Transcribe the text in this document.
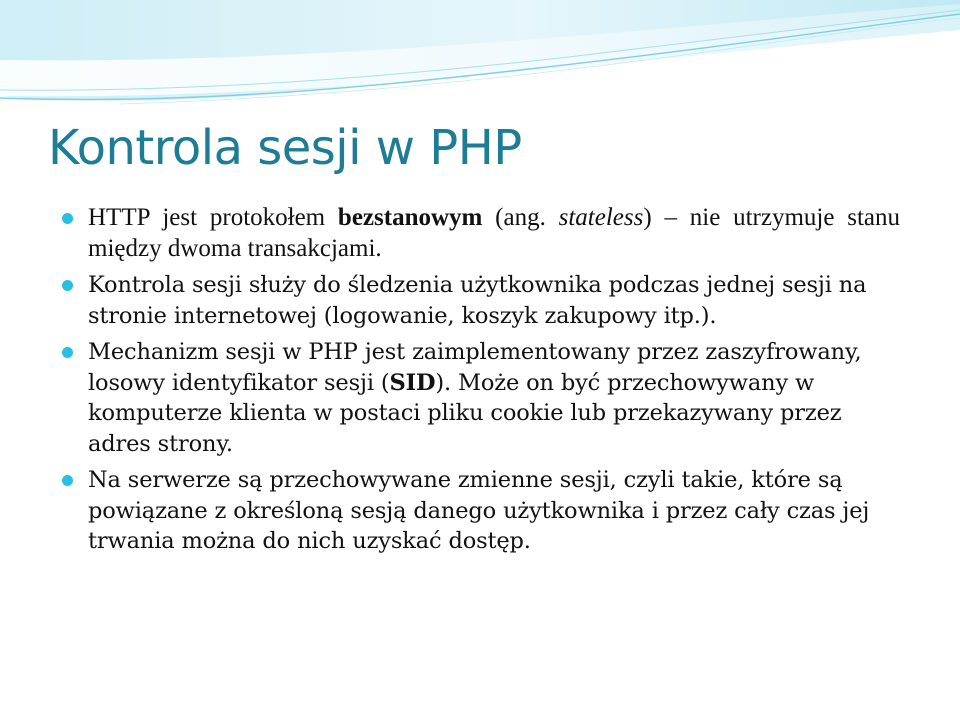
Kontrola sesji w PHP
HTTP jest protokołem bezstanowym (ang. stateless) – nie utrzymuje stanu między dwoma transakcjami.
Kontrola sesji służy do śledzenia użytkownika podczas jednej sesji na stronie internetowej (logowanie, koszyk zakupowy itp.).
Mechanizm sesji w PHP jest zaimplementowany przez zaszyfrowany, losowy identyfikator sesji (SID). Może on być przechowywany w komputerze klienta w postaci pliku cookie lub przekazywany przez adres strony.
Na serwerze są przechowywane zmienne sesji, czyli takie, które są powiązane z określoną sesją danego użytkownika i przez cały czas jej trwania można do nich uzyskać dostęp.
